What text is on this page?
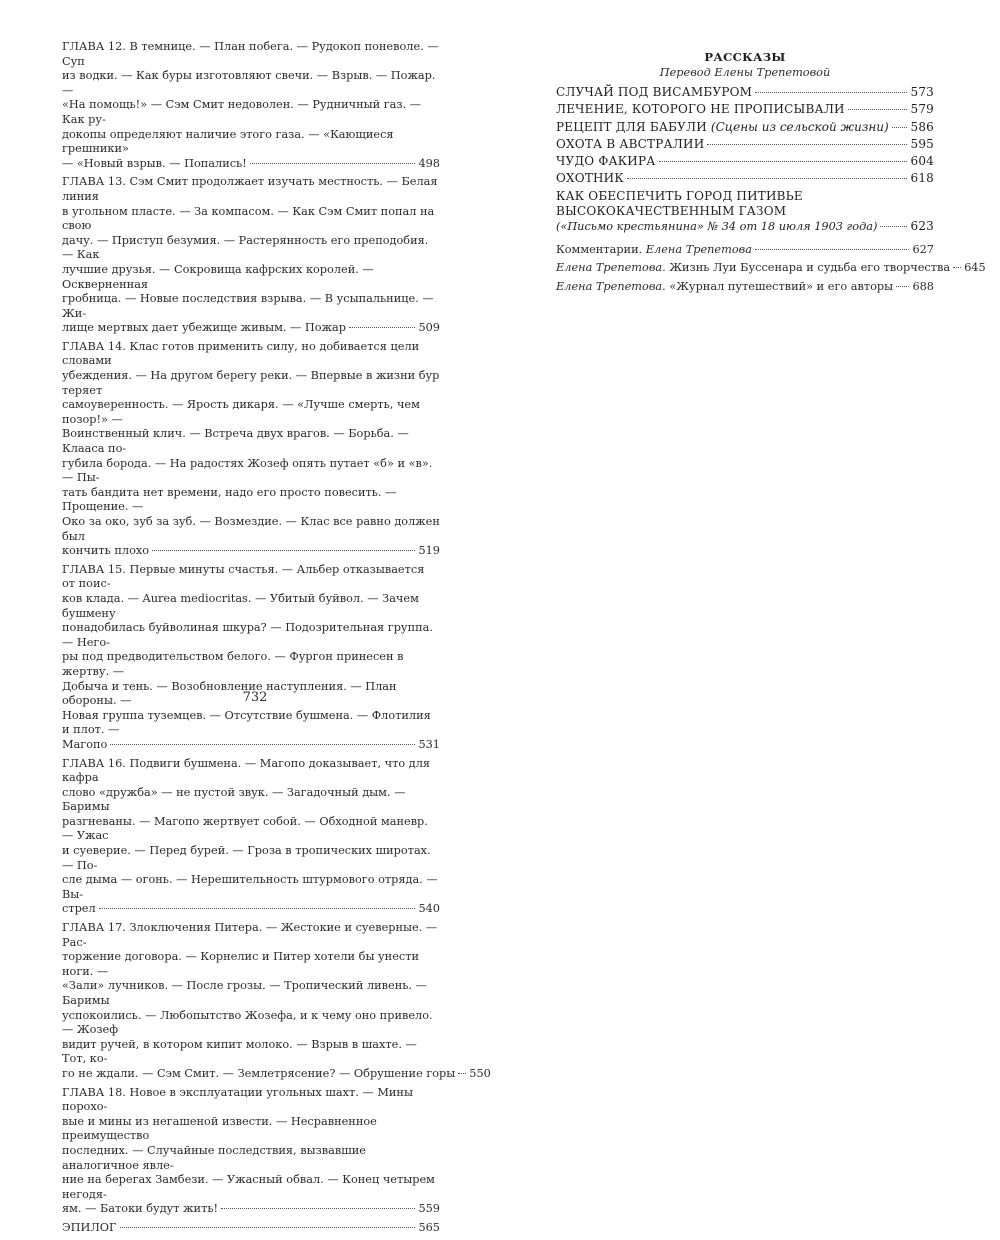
ГЛАВА 12. В темнице. — План побега. — Рудокоп поневоле. — Суп
из водки. — Как буры изготовляют свечи. — Взрыв. — Пожар. —
«На помощь!» — Сэм Смит недоволен. — Рудничный газ. — Как ру-
докопы определяют наличие этого газа. — «Кающиеся грешники»
— «Новый взрыв. — Попались!	498
ГЛАВА 13. Сэм Смит продолжает изучать местность. — Белая линия
в угольном пласте. — За компасом. — Как Сэм Смит попал на свою
дачу. — Приступ безумия. — Растерянность его преподобия. — Как
лучшие друзья. — Сокровища кафрских королей. — Оскверненная
гробница. — Новые последствия взрыва. — В усыпальнице. — Жи-
лище мертвых дает убежище живым. — Пожар	509
ГЛАВА 14. Клас готов применить силу, но добивается цели словами
убеждения. — На другом берегу реки. — Впервые в жизни бур теряет
самоуверенность. — Ярость дикаря. — «Лучше смерть, чем позор!» —
Воинственный клич. — Встреча двух врагов. — Борьба. — Клааса по-
губила борода. — На радостях Жозеф опять путает «б» и «в». — Пы-
тать бандита нет времени, надо его просто повесить. — Прощение. —
Око за око, зуб за зуб. — Возмездие. — Клас все равно должен был
кончить плохо	519
ГЛАВА 15. Первые минуты счастья. — Альбер отказывается от поис-
ков клада. — Aurea mediocritas. — Убитый буйвол. — Зачем бушмену
понадобилась буйволиная шкура? — Подозрительная группа. — Него-
ры под предводительством белого. — Фургон принесен в жертву. —
Добыча и тень. — Возобновление наступления. — План обороны. —
Новая группа туземцев. — Отсутствие бушмена. — Флотилия и плот. —
Магопо	531
ГЛАВА 16. Подвиги бушмена. — Магопо доказывает, что для кафра
слово «дружба» — не пустой звук. — Загадочный дым. — Баримы
разгневаны. — Магопо жертвует собой. — Обходной маневр. — Ужас
и суеверие. — Перед бурей. — Гроза в тропических широтах. — По-
сле дыма — огонь. — Нерешительность штурмового отряда. — Вы-
стрел	540
ГЛАВА 17. Злоключения Питера. — Жестокие и суеверные. — Рас-
торжение договора. — Корнелис и Питер хотели бы унести ноги. —
«Зали» лучников. — После грозы. — Тропический ливень. — Баримы
успокоились. — Любопытство Жозефа, и к чему оно привело. — Жозеф
видит ручей, в котором кипит молоко. — Взрыв в шахте. — Тот, ко-
го не ждали. — Сэм Смит. — Землетрясение? — Обрушение горы 550
ГЛАВА 18. Новое в эксплуатации угольных шахт. — Мины порохо-
вые и мины из негашеной извести. — Несравненное преимущество
последних. — Случайные последствия, вызвавшие аналогичное явле-
ние на берегах Замбези. — Ужасный обвал. — Конец четырем негодя-
ям. — Батоки будут жить!	559
ЭПИЛОГ	565
732
РАССКАЗЫ
Перевод Елены Трепетовой
СЛУЧАЙ ПОД ВИСАМБУРОМ	573
ЛЕЧЕНИЕ, КОТОРОГО НЕ ПРОПИСЫВАЛИ	579
РЕЦЕПТ ДЛЯ БАБУЛИ (Сцены из сельской жизни) 586
ОХОТА В АВСТРАЛИИ	595
ЧУДО ФАКИРА	604
ОХОТНИК	618
КАК ОБЕСПЕЧИТЬ ГОРОД ПИТИВЬЕ
ВЫСОКОКАЧЕСТВЕННЫМ ГАЗОМ
(«Письмо крестьянина» № 34 от 18 июля 1903 года)	623
Комментарии. Елена Трепетова	627
Елена Трепетова. Жизнь Луи Буссенара и судьба его творчества 645
Елена Трепетова. «Журнал путешествий» и его авторы 688
